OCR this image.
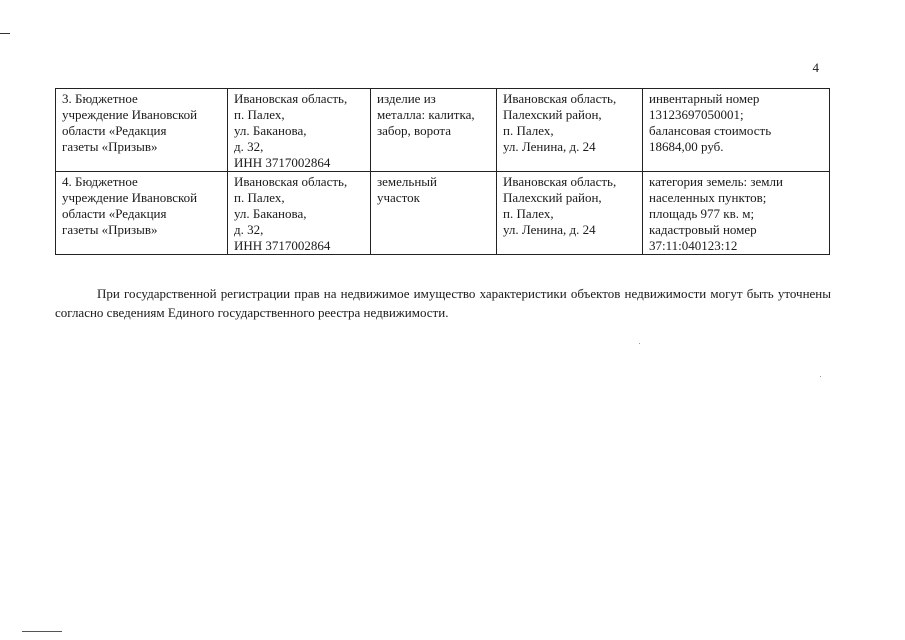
4
3. Бюджетное
учреждение Ивановской
области «Редакция
газеты «Призыв»	Ивановская область,
п. Палех,
ул. Баканова,
д. 32,
ИНН 3717002864	изделие из
металла: калитка,
забор, ворота	Ивановская область,
Палехский район,
п. Палех,
ул. Ленина, д. 24	инвентарный номер
13123697050001;
балансовая стоимость
18684,00 руб.

4. Бюджетное
учреждение Ивановской
области «Редакция
газеты «Призыв»	Ивановская область,
п. Палех,
ул. Баканова,
д. 32,
ИНН 3717002864	земельный
участок	Ивановская область,
Палехский район,
п. Палех,
ул. Ленина, д. 24	категория земель: земли
населенных пунктов;
площадь 977 кв. м;
кадастровый номер
37:11:040123:12

При государственной регистрации прав на недвижимое имущество характеристики объектов недвижимости могут быть уточнены согласно сведениям Единого государственного реестра недвижимости.
